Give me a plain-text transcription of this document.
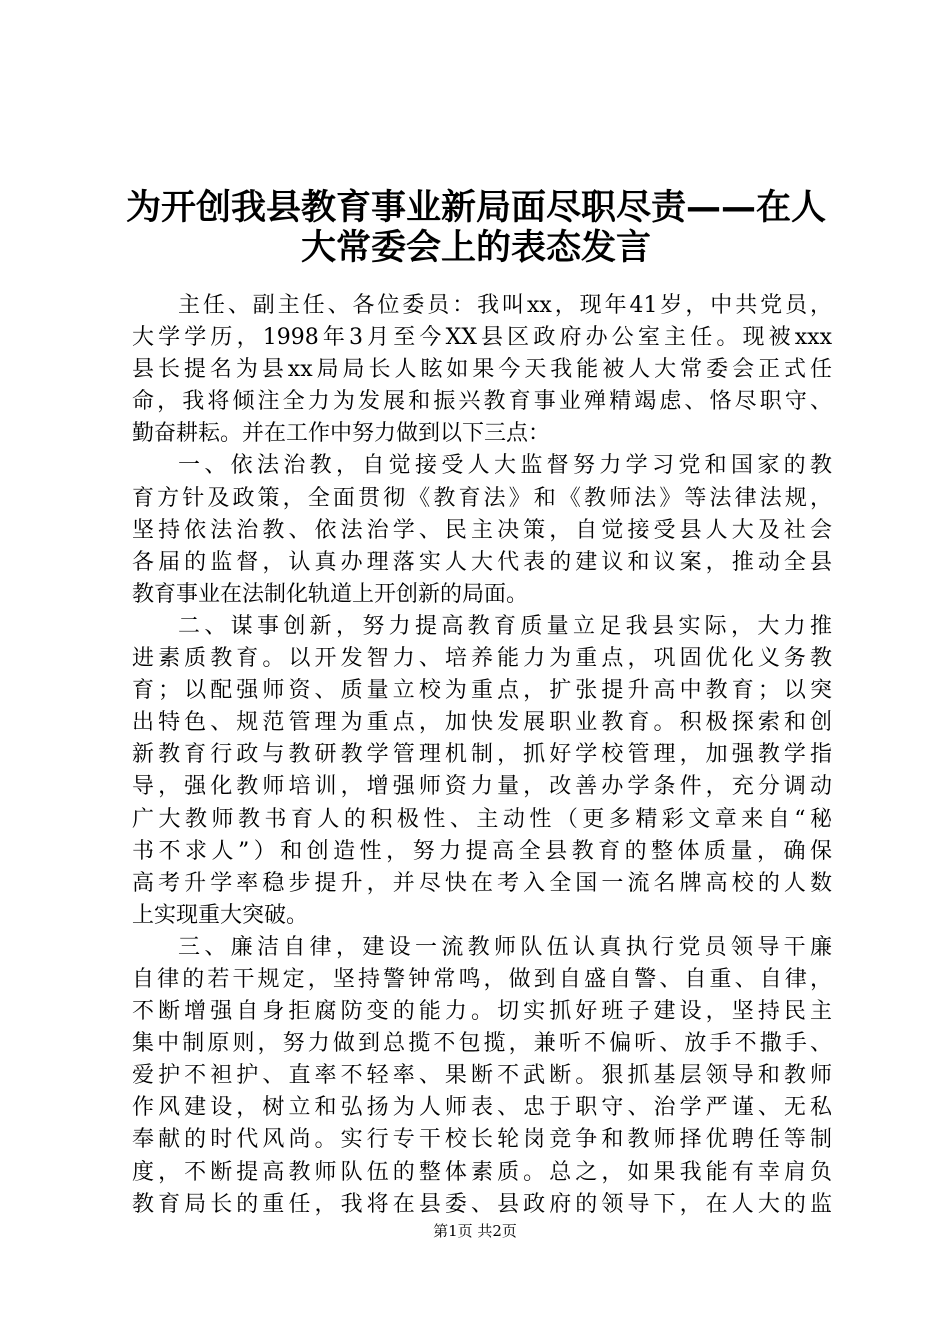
为开创我县教育事业新局面尽职尽责——在人
大常委会上的表态发言
主任、副主任、各位委员：我叫xx，现年41岁，中共党员，
大学学历，1998年3月至今XX县区政府办公室主任。现被xxx
县长提名为县xx局局长人眩如果今天我能被人大常委会正式任
命，我将倾注全力为发展和振兴教育事业殚精竭虑、恪尽职守、
勤奋耕耘。并在工作中努力做到以下三点：
一、依法治教，自觉接受人大监督努力学习党和国家的教
育方针及政策，全面贯彻《教育法》和《教师法》等法律法规，
坚持依法治教、依法治学、民主决策，自觉接受县人大及社会
各届的监督，认真办理落实人大代表的建议和议案，推动全县
教育事业在法制化轨道上开创新的局面。
二、谋事创新，努力提高教育质量立足我县实际，大力推
进素质教育。以开发智力、培养能力为重点，巩固优化义务教
育；以配强师资、质量立校为重点，扩张提升高中教育；以突
出特色、规范管理为重点，加快发展职业教育。积极探索和创
新教育行政与教研教学管理机制，抓好学校管理，加强教学指
导，强化教师培训，增强师资力量，改善办学条件，充分调动
广大教师教书育人的积极性、主动性（更多精彩文章来自“秘
书不求人”）和创造性，努力提高全县教育的整体质量，确保
高考升学率稳步提升，并尽快在考入全国一流名牌高校的人数
上实现重大突破。
三、廉洁自律，建设一流教师队伍认真执行党员领导干廉
自律的若干规定，坚持警钟常鸣，做到自盛自警、自重、自律，
不断增强自身拒腐防变的能力。切实抓好班子建设，坚持民主
集中制原则，努力做到总揽不包揽，兼听不偏听、放手不撒手、
爱护不袒护、直率不轻率、果断不武断。狠抓基层领导和教师
作风建设，树立和弘扬为人师表、忠于职守、治学严谨、无私
奉献的时代风尚。实行专干校长轮岗竞争和教师择优聘任等制
度，不断提高教师队伍的整体素质。总之，如果我能有幸肩负
教育局长的重任，我将在县委、县政府的领导下，在人大的监
第1页 共2页
